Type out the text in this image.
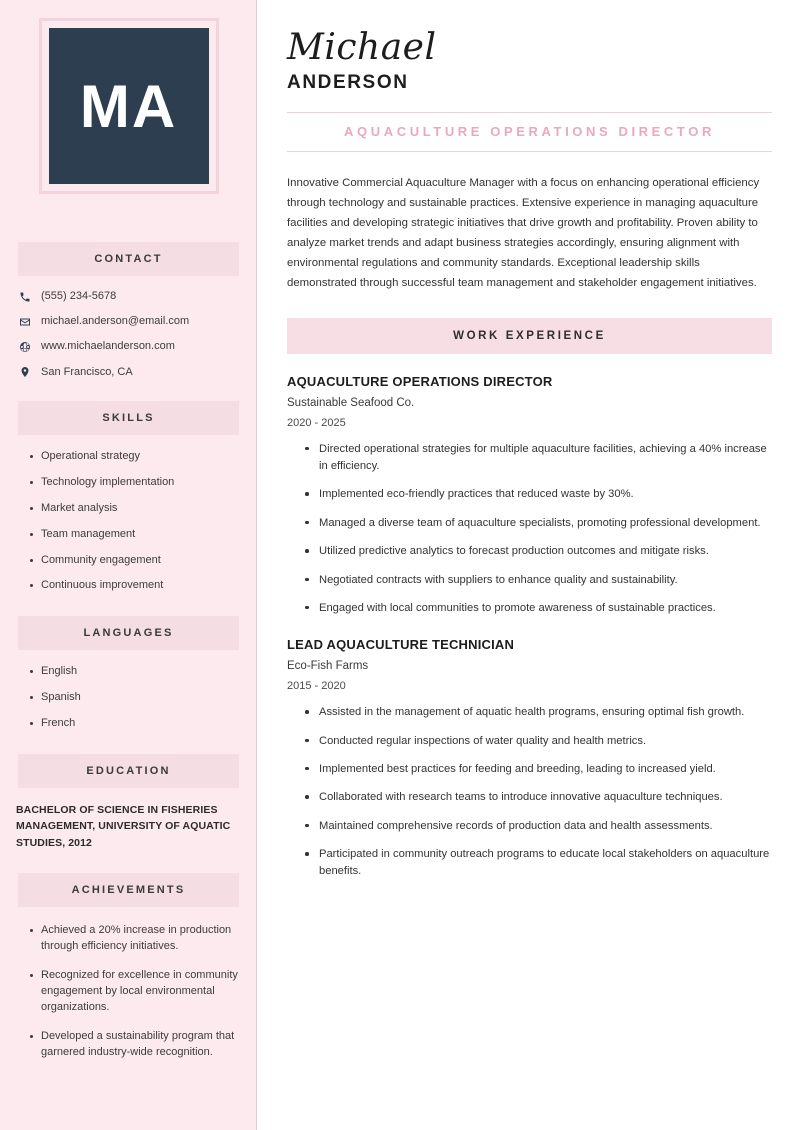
MA
CONTACT
(555) 234-5678
michael.anderson@email.com
www.michaelanderson.com
San Francisco, CA
SKILLS
Operational strategy
Technology implementation
Market analysis
Team management
Community engagement
Continuous improvement
LANGUAGES
English
Spanish
French
EDUCATION
BACHELOR OF SCIENCE IN FISHERIES MANAGEMENT, UNIVERSITY OF AQUATIC STUDIES, 2012
ACHIEVEMENTS
Achieved a 20% increase in production through efficiency initiatives.
Recognized for excellence in community engagement by local environmental organizations.
Developed a sustainability program that garnered industry-wide recognition.
Michael
ANDERSON
AQUACULTURE OPERATIONS DIRECTOR

Innovative Commercial Aquaculture Manager with a focus on enhancing operational efficiency through technology and sustainable practices. Extensive experience in managing aquaculture facilities and developing strategic initiatives that drive growth and profitability. Proven ability to analyze market trends and adapt business strategies accordingly, ensuring alignment with environmental regulations and community standards. Exceptional leadership skills demonstrated through successful team management and stakeholder engagement initiatives.

WORK EXPERIENCE
AQUACULTURE OPERATIONS DIRECTOR
Sustainable Seafood Co.
2020 - 2025
Directed operational strategies for multiple aquaculture facilities, achieving a 40% increase in efficiency.
Implemented eco-friendly practices that reduced waste by 30%.
Managed a diverse team of aquaculture specialists, promoting professional development.
Utilized predictive analytics to forecast production outcomes and mitigate risks.
Negotiated contracts with suppliers to enhance quality and sustainability.
Engaged with local communities to promote awareness of sustainable practices.
LEAD AQUACULTURE TECHNICIAN
Eco-Fish Farms
2015 - 2020
Assisted in the management of aquatic health programs, ensuring optimal fish growth.
Conducted regular inspections of water quality and health metrics.
Implemented best practices for feeding and breeding, leading to increased yield.
Collaborated with research teams to introduce innovative aquaculture techniques.
Maintained comprehensive records of production data and health assessments.
Participated in community outreach programs to educate local stakeholders on aquaculture benefits.
